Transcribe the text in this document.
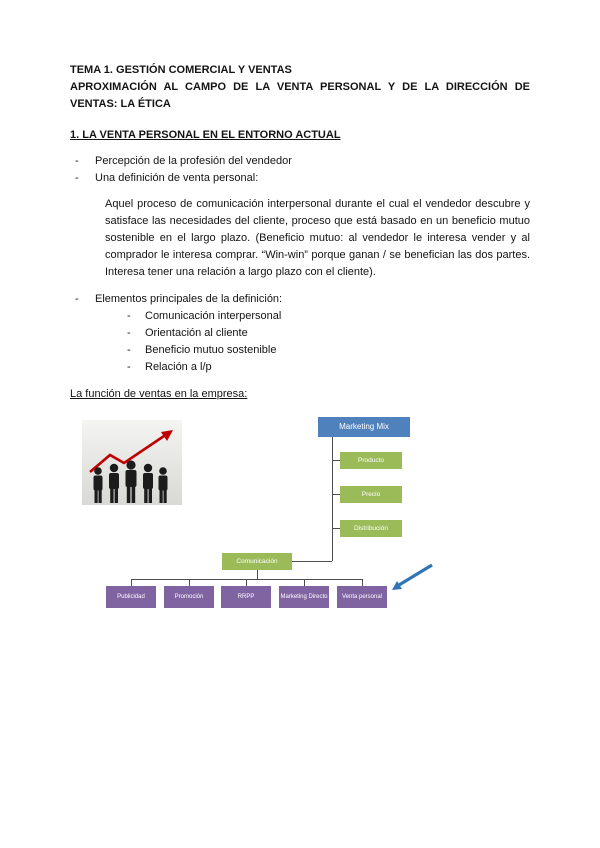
TEMA 1. GESTIÓN COMERCIAL Y VENTAS
APROXIMACIÓN AL CAMPO DE LA VENTA PERSONAL Y DE LA DIRECCIÓN DE VENTAS: LA ÉTICA
1. LA VENTA PERSONAL EN EL ENTORNO ACTUAL
- Percepción de la profesión del vendedor
- Una definición de venta personal:

Aquel proceso de comunicación interpersonal durante el cual el vendedor descubre y satisface las necesidades del cliente, proceso que está basado en un beneficio mutuo sostenible en el largo plazo. (Beneficio mutuo: al vendedor le interesa vender y al comprador le interesa comprar. “Win-win” porque ganan / se benefician las dos partes. Interesa tener una relación a largo plazo con el cliente).

- Elementos principales de la definición:
- Comunicación interpersonal
- Orientación al cliente
- Beneficio mutuo sostenible
- Relación a l/p
La función de ventas en la empresa:
Marketing Mix
Producto
Precio
Distribución
Comunicación
Publicidad	Promoción	RRPP	Marketing Directo	Venta personal
